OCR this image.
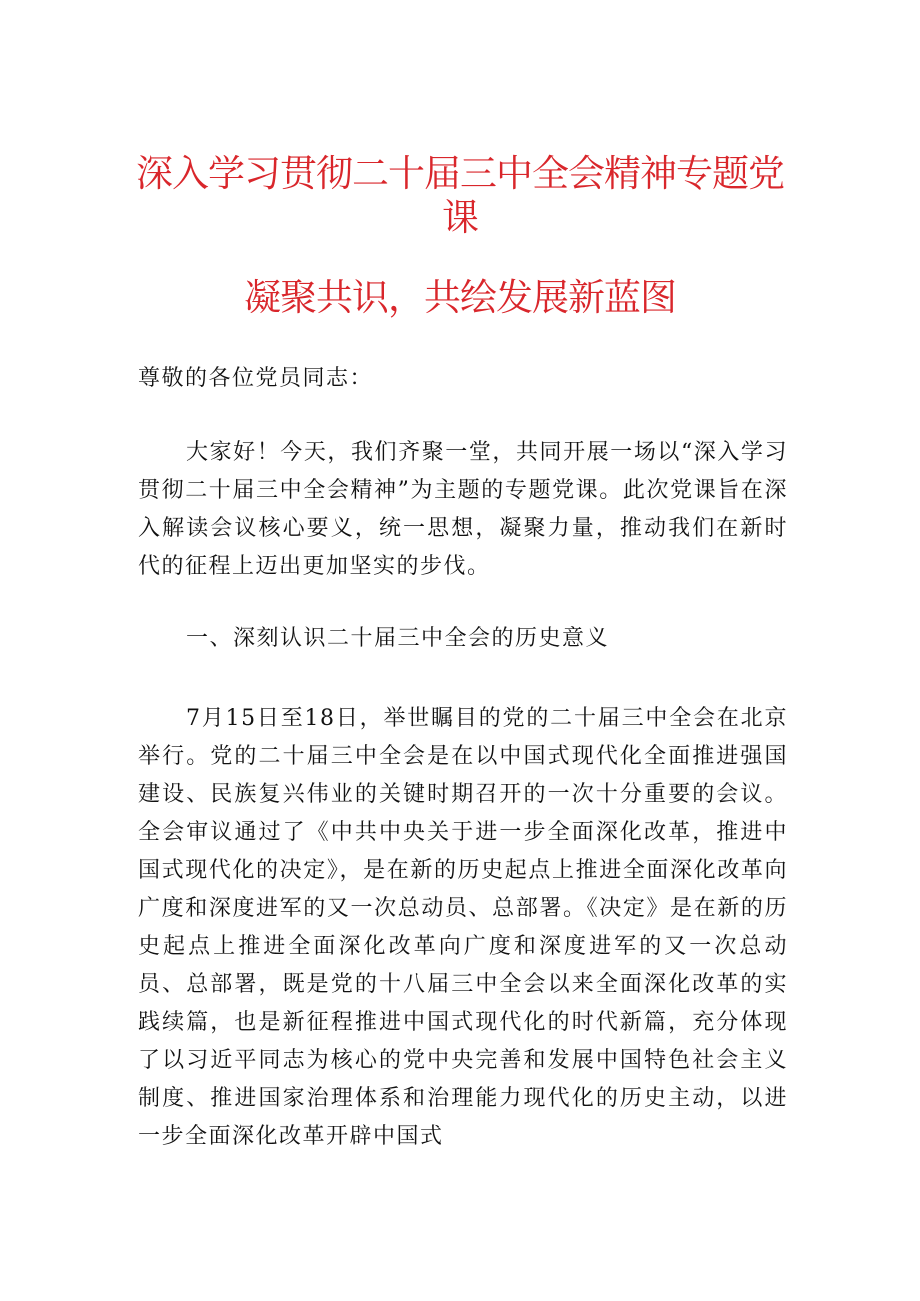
深入学习贯彻二十届三中全会精神专题党课
凝聚共识，共绘发展新蓝图

尊敬的各位党员同志：

大家好！今天，我们齐聚一堂，共同开展一场以“深入学习贯彻二十届三中全会精神”为主题的专题党课。此次党课旨在深入解读会议核心要义，统一思想，凝聚力量，推动我们在新时代的征程上迈出更加坚实的步伐。

一、深刻认识二十届三中全会的历史意义

7月15日至18日，举世瞩目的党的二十届三中全会在北京举行。党的二十届三中全会是在以中国式现代化全面推进强国建设、民族复兴伟业的关键时期召开的一次十分重要的会议。全会审议通过了《中共中央关于进一步全面深化改革，推进中国式现代化的决定》，是在新的历史起点上推进全面深化改革向广度和深度进军的又一次总动员、总部署。《决定》是在新的历史起点上推进全面深化改革向广度和深度进军的又一次总动员、总部署，既是党的十八届三中全会以来全面深化改革的实践续篇，也是新征程推进中国式现代化的时代新篇，充分体现了以习近平同志为核心的党中央完善和发展中国特色社会主义制度、推进国家治理体系和治理能力现代化的历史主动，以进一步全面深化改革开辟中国式
